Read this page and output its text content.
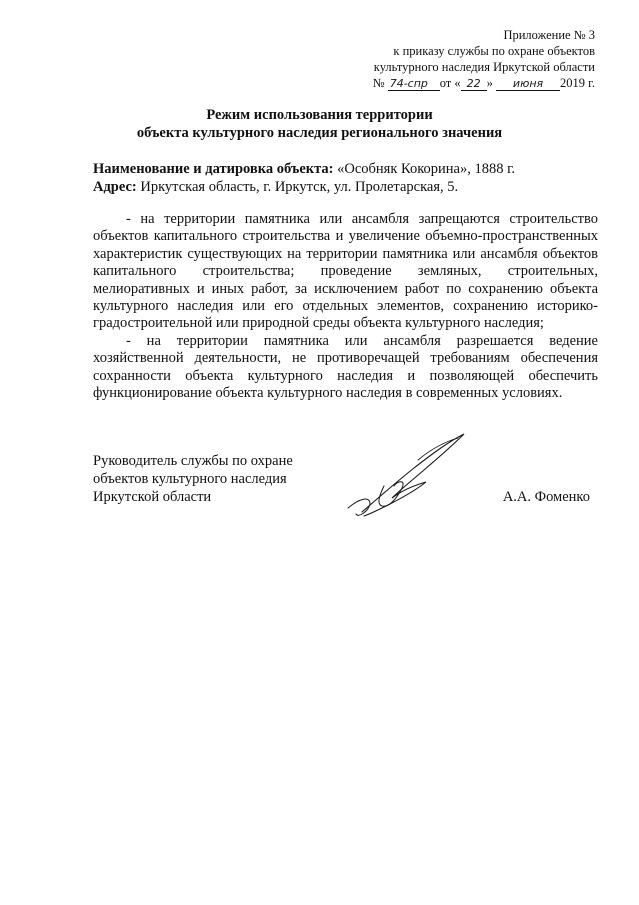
Приложение № 3
к приказу службы по охране объектов
культурного наследия Иркутской области
№ 74-спр от « 22 » июня 2019 г.
Режим использования территории
объекта культурного наследия регионального значения
Наименование и датировка объекта: «Особняк Кокорина», 1888 г.
Адрес: Иркутская область, г. Иркутск, ул. Пролетарская, 5.

- на территории памятника или ансамбля запрещаются строительство объектов капитального строительства и увеличение объемно-пространственных характеристик существующих на территории памятника или ансамбля объектов капитального строительства; проведение земляных, строительных, мелиоративных и иных работ, за исключением работ по сохранению объекта культурного наследия или его отдельных элементов, сохранению историко-градостроительной или природной среды объекта культурного наследия;

- на территории памятника или ансамбля разрешается ведение хозяйственной деятельности, не противоречащей требованиям обеспечения сохранности объекта культурного наследия и позволяющей обеспечить функционирование объекта культурного наследия в современных условиях.

Руководитель службы по охране
объектов культурного наследия
Иркутской области	А.А. Фоменко
